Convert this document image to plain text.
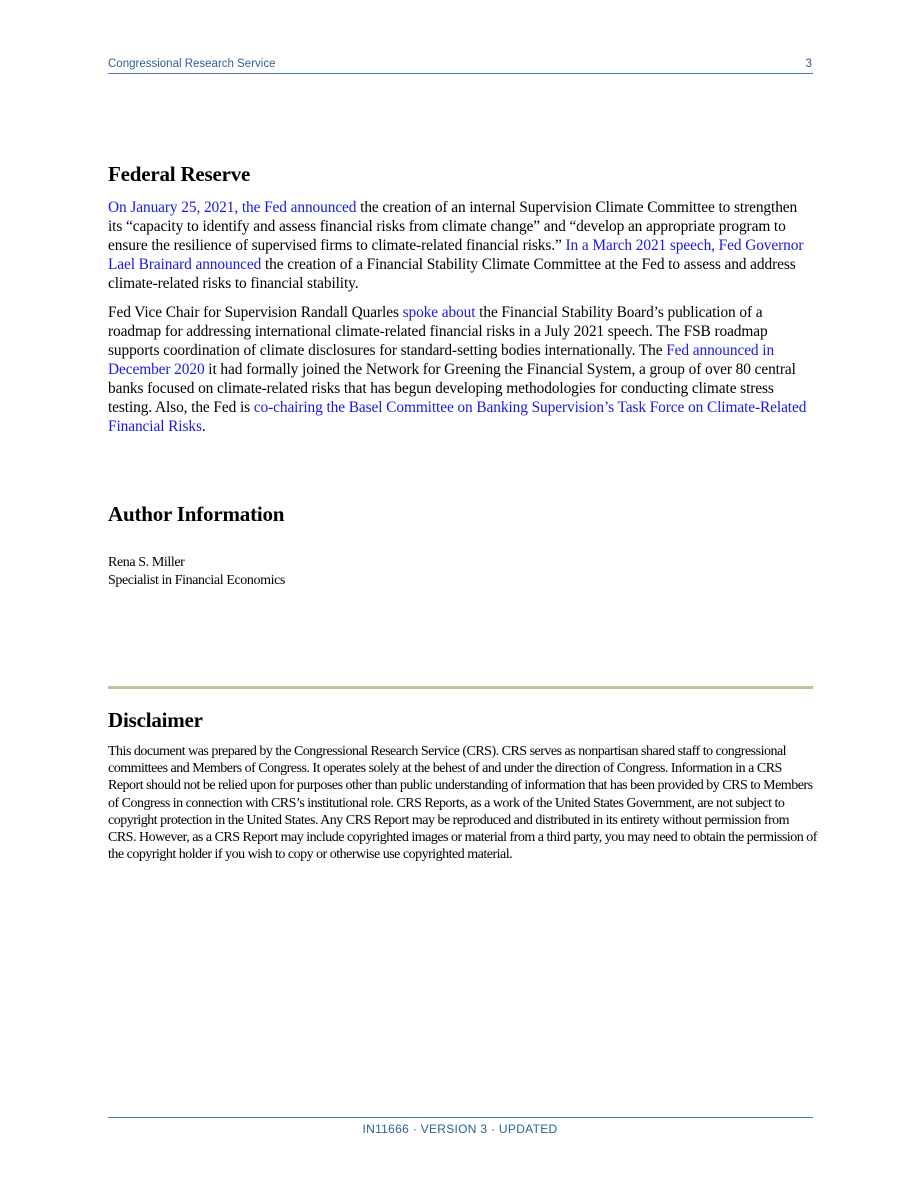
Congressional Research Service	3
Federal Reserve

On January 25, 2021, the Fed announced the creation of an internal Supervision Climate Committee to strengthen its “capacity to identify and assess financial risks from climate change” and “develop an appropriate program to ensure the resilience of supervised firms to climate-related financial risks.” In a March 2021 speech, Fed Governor Lael Brainard announced the creation of a Financial Stability Climate Committee at the Fed to assess and address climate-related risks to financial stability.

Fed Vice Chair for Supervision Randall Quarles spoke about the Financial Stability Board’s publication of a roadmap for addressing international climate-related financial risks in a July 2021 speech. The FSB roadmap supports coordination of climate disclosures for standard-setting bodies internationally. The Fed announced in December 2020 it had formally joined the Network for Greening the Financial System, a group of over 80 central banks focused on climate-related risks that has begun developing methodologies for conducting climate stress testing. Also, the Fed is co-chairing the Basel Committee on Banking Supervision’s Task Force on Climate-Related Financial Risks.

Author Information
Rena S. Miller
Specialist in Financial Economics
Disclaimer

This document was prepared by the Congressional Research Service (CRS). CRS serves as nonpartisan shared staff to congressional committees and Members of Congress. It operates solely at the behest of and under the direction of Congress. Information in a CRS Report should not be relied upon for purposes other than public understanding of information that has been provided by CRS to Members of Congress in connection with CRS’s institutional role. CRS Reports, as a work of the United States Government, are not subject to copyright protection in the United States. Any CRS Report may be reproduced and distributed in its entirety without permission from CRS. However, as a CRS Report may include copyrighted images or material from a third party, you may need to obtain the permission of the copyright holder if you wish to copy or otherwise use copyrighted material.

IN11666 · VERSION 3 · UPDATED
